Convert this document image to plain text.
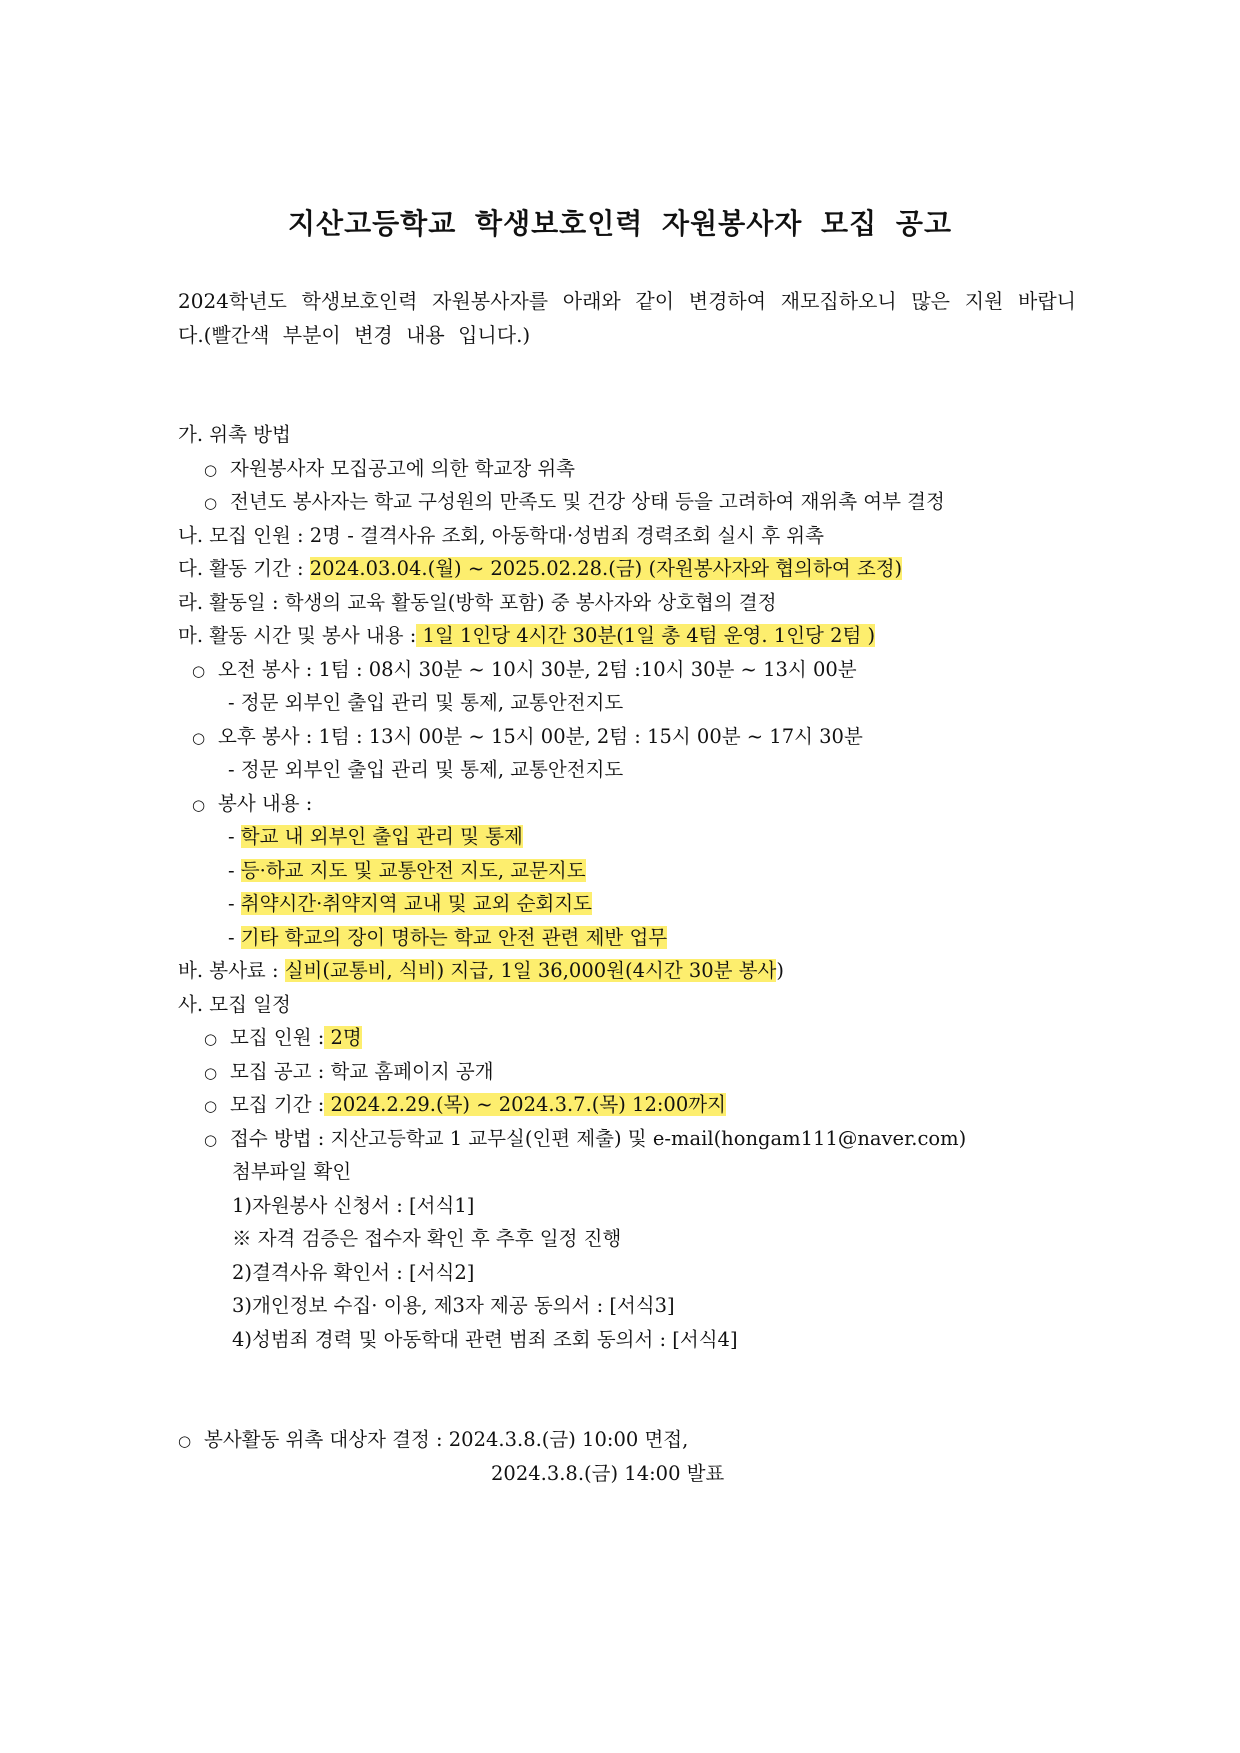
지산고등학교 학생보호인력 자원봉사자 모집 공고
2024학년도 학생보호인력 자원봉사자를 아래와 같이 변경하여 재모집하오니 많은 지원 바랍니다.(빨간색 부분이 변경 내용 입니다.)
가. 위촉 방법
○ 자원봉사자 모집공고에 의한 학교장 위촉
○ 전년도 봉사자는 학교 구성원의 만족도 및 건강 상태 등을 고려하여 재위촉 여부 결정
나. 모집 인원 : 2명 - 결격사유 조회, 아동학대·성범죄 경력조회 실시 후 위촉
다. 활동 기간 : 2024.03.04.(월) ~ 2025.02.28.(금) (자원봉사자와 협의하여 조정)
라. 활동일 : 학생의 교육 활동일(방학 포함) 중 봉사자와 상호협의 결정
마. 활동 시간 및 봉사 내용 : 1일 1인당 4시간 30분(1일 총 4텀 운영. 1인당 2텀 )
○ 오전 봉사 : 1텀 : 08시 30분 ~ 10시 30분, 2텀 :10시 30분 ~ 13시 00분
- 정문 외부인 출입 관리 및 통제, 교통안전지도
○ 오후 봉사 : 1텀 : 13시 00분 ~ 15시 00분, 2텀 : 15시 00분 ~ 17시 30분
- 정문 외부인 출입 관리 및 통제, 교통안전지도
○ 봉사 내용 :
- 학교 내 외부인 출입 관리 및 통제
- 등·하교 지도 및 교통안전 지도, 교문지도
- 취약시간·취약지역 교내 및 교외 순회지도
- 기타 학교의 장이 명하는 학교 안전 관련 제반 업무
바. 봉사료 : 실비(교통비, 식비) 지급, 1일 36,000원(4시간 30분 봉사)
사. 모집 일정
○ 모집 인원 : 2명
○ 모집 공고 : 학교 홈페이지 공개
○ 모집 기간 : 2024.2.29.(목) ~ 2024.3.7.(목) 12:00까지
○ 접수 방법 : 지산고등학교 1 교무실(인편 제출) 및 e-mail(hongam111@naver.com)
첨부파일 확인
1)자원봉사 신청서 : [서식1]
※ 자격 검증은 접수자 확인 후 추후 일정 진행
2)결격사유 확인서 : [서식2]
3)개인정보 수집· 이용, 제3자 제공 동의서 : [서식3]
4)성범죄 경력 및 아동학대 관련 범죄 조회 동의서 : [서식4]
○ 봉사활동 위촉 대상자 결정 : 2024.3.8.(금) 10:00 면접,
2024.3.8.(금) 14:00 발표
